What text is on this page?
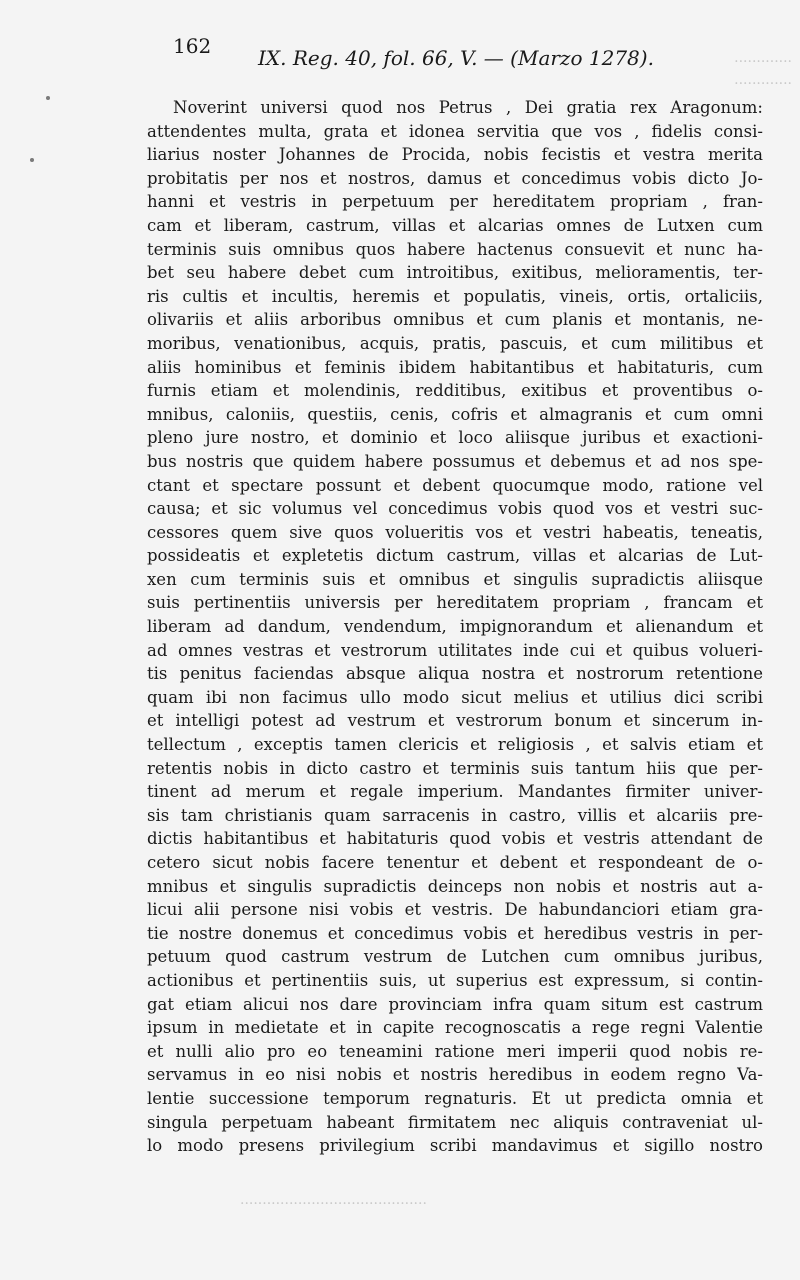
.............
.............
..........................................
162 IX. Reg. 40, fol. 66, V. — (Marzo 1278).
Noverint universi quod nos Petrus , Dei gratia rex Aragonum:
attendentes multa, grata et idonea servitia que vos , fidelis consi-
liarius noster Johannes de Procida, nobis fecistis et vestra merita
probitatis per nos et nostros, damus et concedimus vobis dicto Jo-
hanni et vestris in perpetuum per hereditatem propriam , fran-
cam et liberam, castrum, villas et alcarias omnes de Lutxen cum
terminis suis omnibus quos habere hactenus consuevit et nunc ha-
bet seu habere debet cum introitibus, exitibus, melioramentis, ter-
ris cultis et incultis, heremis et populatis, vineis, ortis, ortaliciis,
olivariis et aliis arboribus omnibus et cum planis et montanis, ne-
moribus, venationibus, acquis, pratis, pascuis, et cum militibus et
aliis hominibus et feminis ibidem habitantibus et habitaturis, cum
furnis etiam et molendinis, redditibus, exitibus et proventibus o-
mnibus, caloniis, questiis, cenis, cofris et almagranis et cum omni
pleno jure nostro, et dominio et loco aliisque juribus et exactioni-
bus nostris que quidem habere possumus et debemus et ad nos spe-
ctant et spectare possunt et debent quocumque modo, ratione vel
causa; et sic volumus vel concedimus vobis quod vos et vestri suc-
cessores quem sive quos volueritis vos et vestri habeatis, teneatis,
possideatis et expletetis dictum castrum, villas et alcarias de Lut-
xen cum terminis suis et omnibus et singulis supradictis aliisque
suis pertinentiis universis per hereditatem propriam , francam et
liberam ad dandum, vendendum, impignorandum et alienandum et
ad omnes vestras et vestrorum utilitates inde cui et quibus volueri-
tis penitus faciendas absque aliqua nostra et nostrorum retentione
quam ibi non facimus ullo modo sicut melius et utilius dici scribi
et intelligi potest ad vestrum et vestrorum bonum et sincerum in-
tellectum , exceptis tamen clericis et religiosis , et salvis etiam et
retentis nobis in dicto castro et terminis suis tantum hiis que per-
tinent ad merum et regale imperium. Mandantes firmiter univer-
sis tam christianis quam sarracenis in castro, villis et alcariis pre-
dictis habitantibus et habitaturis quod vobis et vestris attendant de
cetero sicut nobis facere tenentur et debent et respondeant de o-
mnibus et singulis supradictis deinceps non nobis et nostris aut a-
licui alii persone nisi vobis et vestris. De habundanciori etiam gra-
tie nostre donemus et concedimus vobis et heredibus vestris in per-
petuum quod castrum vestrum de Lutchen cum omnibus juribus,
actionibus et pertinentiis suis, ut superius est expressum, si contin-
gat etiam alicui nos dare provinciam infra quam situm est castrum
ipsum in medietate et in capite recognoscatis a rege regni Valentie
et nulli alio pro eo teneamini ratione meri imperii quod nobis re-
servamus in eo nisi nobis et nostris heredibus in eodem regno Va-
lentie successione temporum regnaturis. Et ut predicta omnia et
singula perpetuam habeant firmitatem nec aliquis contraveniat ul-
lo modo presens privilegium scribi mandavimus et sigillo nostro
